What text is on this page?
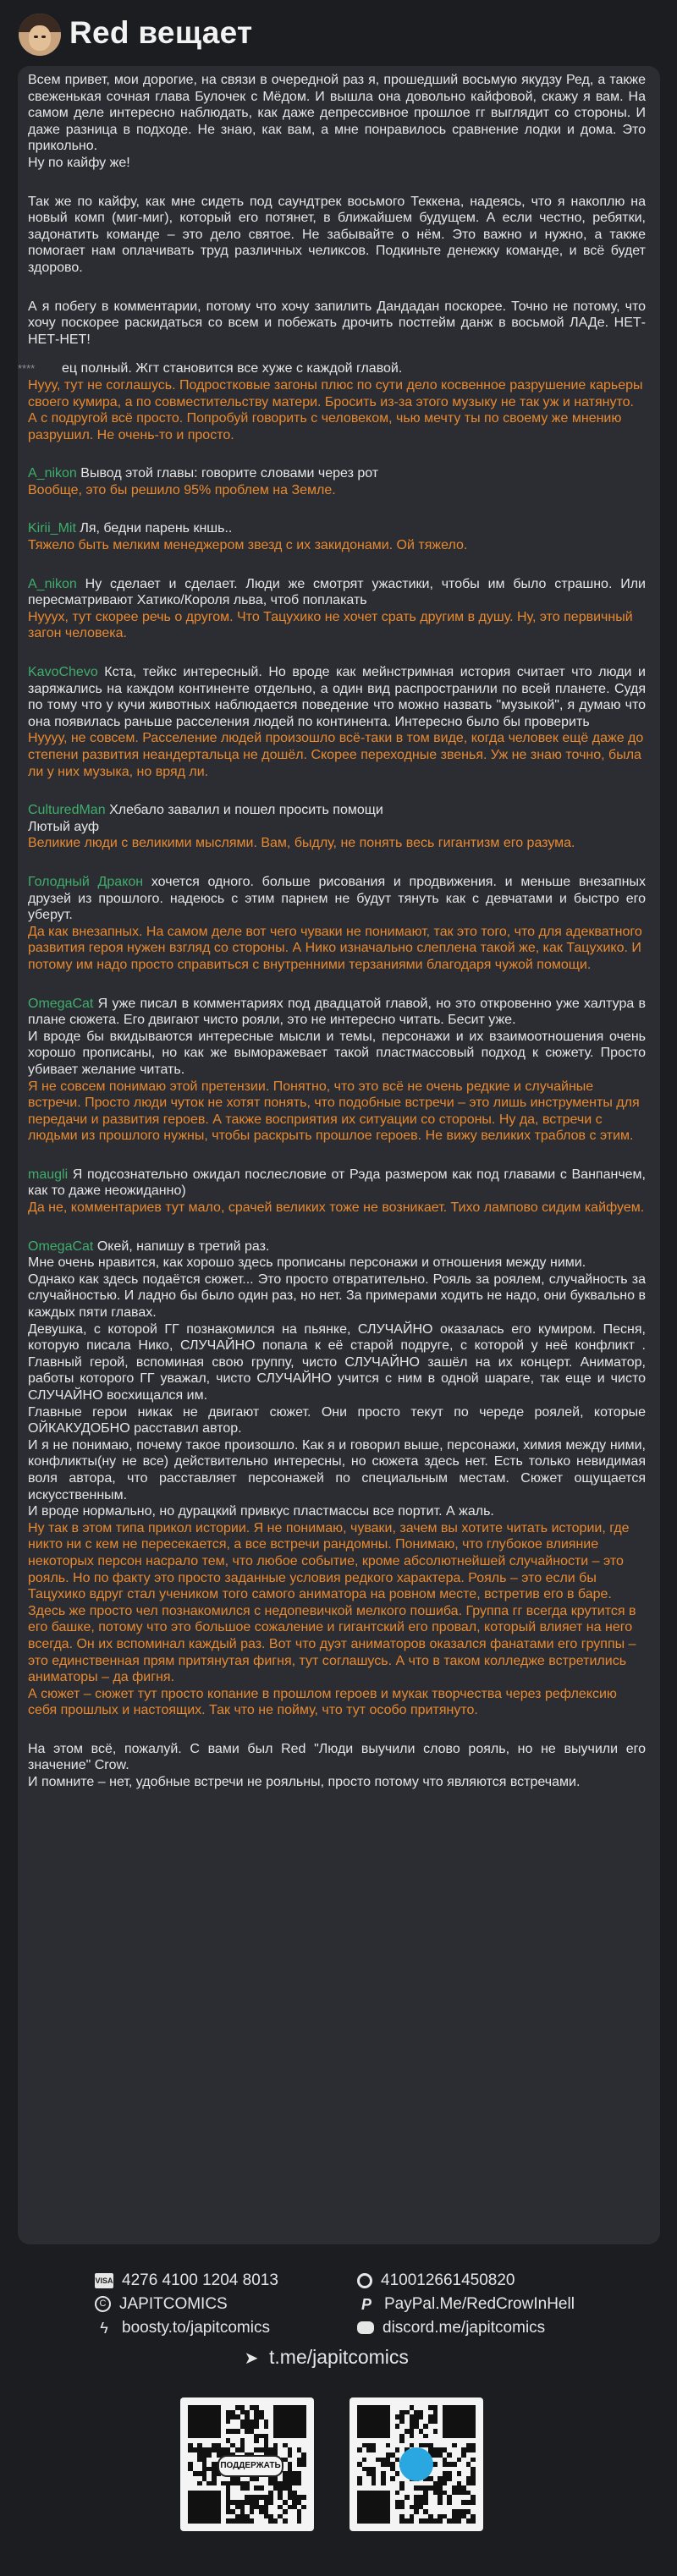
Red вещает

Всем привет, мои дорогие, на связи в очередной раз я, прошедший восьмую якудзу Ред, а также свеженькая сочная глава Булочек с Мёдом. И вышла она довольно кайфовой, скажу я вам. На самом деле интересно наблюдать, как даже депрессивное прошлое гг выглядит со стороны. И даже разница в подходе. Не знаю, как вам, а мне понравилось сравнение лодки и дома. Это прикольно.

Ну по кайфу же!

Так же по кайфу, как мне сидеть под саундтрек восьмого Теккена, надеясь, что я накоплю на новый комп (миг-миг), который его потянет, в ближайшем будущем. А если честно, ребятки, задонатить команде – это дело святое. Не забывайте о нём. Это важно и нужно, а также помогает нам оплачивать труд различных челиксов. Подкиньте денежку команде, и всё будет здорово.

А я побегу в комментарии, потому что хочу запилить Дандадан поскорее. Точно не потому, что хочу поскорее раскидаться со всем и побежать дрочить постгейм данж в восьмой ЛАДе. НЕТ-НЕТ-НЕТ!

**** ец полный. Жгт становится все хуже с каждой главой.

Нууу, тут не соглашусь. Подростковые загоны плюс по сути дело косвенное разрушение карьеры своего кумира, а по совместительству матери. Бросить из-за этого музыку не так уж и натянуто. А с подругой всё просто. Попробуй говорить с человеком, чью мечту ты по своему же мнению разрушил. Не очень-то и просто.

A_nikon Вывод этой главы: говорите словами через рот

Вообще, это бы решило 95% проблем на Земле.

Kirii_Mit Ля, бедни парень кншь..

Тяжело быть мелким менеджером звезд с их закидонами. Ой тяжело.

A_nikon Ну сделает и сделает. Люди же смотрят ужастики, чтобы им было страшно. Или пересматривают Хатико/Короля льва, чтоб поплакать

Нууух, тут скорее речь о другом. Что Тацухико не хочет срать другим в душу. Ну, это первичный загон человека.

KavoChevo Кста, тейкс интересный. Но вроде как мейнстримная история считает что люди и заряжались на каждом континенте отдельно, а один вид распространили по всей планете. Судя по тому что у кучи животных наблюдается поведение что можно назвать "музыкой", я думаю что она появилась раньше расселения людей по континента. Интересно было бы проверить

Нуууу, не совсем. Расселение людей произошло всё-таки в том виде, когда человек ещё даже до степени развития неандертальца не дошёл. Скорее переходные звенья. Уж не знаю точно, была ли у них музыка, но вряд ли.

CulturedMan Хлебало завалил и пошел просить помощи

Лютый ауф

Великие люди с великими мыслями. Вам, быдлу, не понять весь гигантизм его разума.

Голодный Дракон хочется одного. больше рисования и продвижения. и меньше внезапных друзей из прошлого. надеюсь с этим парнем не будут тянуть как с девчатами и быстро его уберут.

Да как внезапных. На самом деле вот чего чуваки не понимают, так это того, что для адекватного развития героя нужен взгляд со стороны. А Нико изначально слеплена такой же, как Тацухико. И потому им надо просто справиться с внутренними терзаниями благодаря чужой помощи.

OmegaCat Я уже писал в комментариях под двадцатой главой, но это откровенно уже халтура в плане сюжета. Его двигают чисто рояли, это не интересно читать. Бесит уже.

И вроде бы вкидываются интересные мысли и темы, персонажи и их взаимоотношения очень хорошо прописаны, но как же выморажевает такой пластмассовый подход к сюжету. Просто убивает желание читать.

Я не совсем понимаю этой претензии. Понятно, что это всё не очень редкие и случайные встречи. Просто люди чуток не хотят понять, что подобные встречи – это лишь инструменты для передачи и развития героев. А также восприятия их ситуации со стороны. Ну да, встречи с людьми из прошлого нужны, чтобы раскрыть прошлое героев. Не вижу великих траблов с этим.

maugli Я подсознательно ожидал послесловие от Рэда размером как под главами с Ванпанчем, как то даже неожиданно)

Да не, комментариев тут мало, срачей великих тоже не возникает. Тихо лампово сидим кайфуем.

OmegaCat Окей, напишу в третий раз.

Мне очень нравится, как хорошо здесь прописаны персонажи и отношения между ними.

Однако как здесь подаётся сюжет... Это просто отвратительно. Рояль за роялем, случайность за случайностью. И ладно бы было один раз, но нет. За примерами ходить не надо, они буквально в каждых пяти главах.

Девушка, с которой ГГ познакомился на пьянке, СЛУЧАЙНО оказалась его кумиром. Песня, которую писала Нико, СЛУЧАЙНО попала к её старой подруге, с которой у неё конфликт . Главный герой, вспоминая свою группу, чисто СЛУЧАЙНО зашёл на их концерт. Аниматор, работы которого ГГ уважал, чисто СЛУЧАЙНО учится с ним в одной шараге, так еще и чисто СЛУЧАЙНО восхищался им.

Главные герои никак не двигают сюжет. Они просто текут по череде роялей, которые ОЙКАКУДОБНО расставил автор.

И я не понимаю, почему такое произошло. Как я и говорил выше, персонажи, химия между ними, конфликты(ну не все) действительно интересны, но сюжета здесь нет. Есть только невидимая воля автора, что расставляет персонажей по специальным местам. Сюжет ощущается искусственным.

И вроде нормально, но дурацкий привкус пластмассы все портит. А жаль.

Ну так в этом типа прикол истории. Я не понимаю, чуваки, зачем вы хотите читать истории, где никто ни с кем не пересекается, а все встречи рандомны. Понимаю, что глубокое влияние некоторых персон насрало тем, что любое событие, кроме абсолютнейшей случайности – это рояль. Но по факту это просто заданные условия редкого характера. Рояль – это если бы Тацухико вдруг стал учеником того самого аниматора на ровном месте, встретив его в баре. Здесь же просто чел познакомился с недопевичкой мелкого пошиба. Группа гг всегда крутится в его башке, потому что это большое сожаление и гигантский его провал, который влияет на него всегда. Он их вспоминал каждый раз. Вот что дуэт аниматоров оказался фанатами его группы – это единственная прям притянутая фигня, тут соглашусь. А что в таком колледже встретились аниматоры – да фигня.

А сюжет – сюжет тут просто копание в прошлом героев и мукак творчества через рефлексию себя прошлых и настоящих. Так что не пойму, что тут особо притянуто.

На этом всё, пожалуй. С вами был Red "Люди выучили слово рояль, но не выучили его значение" Crow.

И помните – нет, удобные встречи не рояльны, просто потому что являются встречами.

VISA 4276 4100 1204 8013
C JAPITCOMICS
ϟ boosty.to/japitcomics
410012661450820
P PayPal.Me/RedCrowInHell
discord.me/japitcomics
➤ t.me/japitcomics
ПОДДЕРЖАТЬ
